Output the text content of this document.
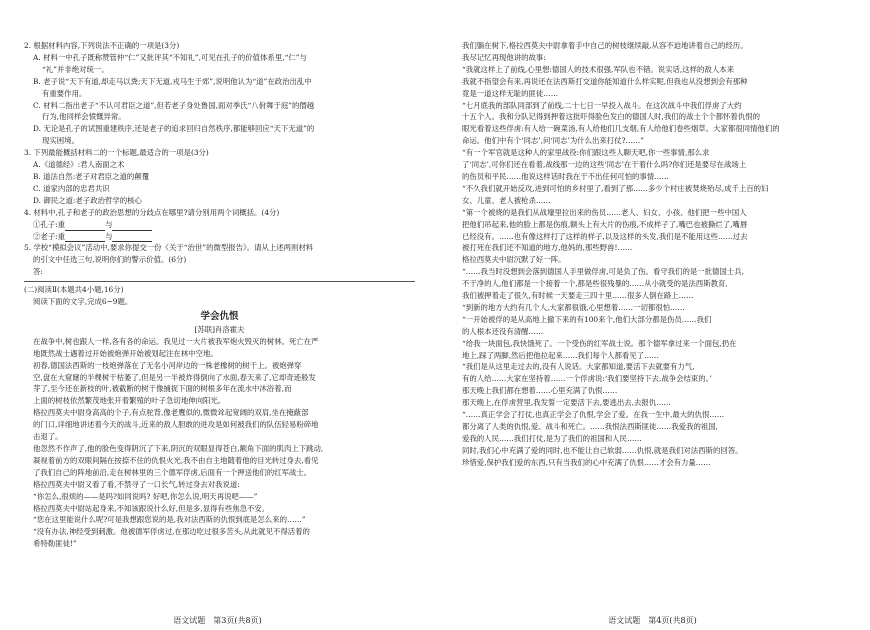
2. 根据材料内容,下列说法不正确的一项是(3分)
A. 材料一中孔子既称赞管仲“仁”又批评其“不知礼”,可见在孔子的价值体系里,“仁”与
“礼”并非绝对统一。
B. 老子说“天下有道,却走马以粪;天下无道,戎马生于郊”,说明他认为“道”在政治出乱中
有重要作用。
C. 材料二指出老子“不认可君臣之道”,但若老子身处鲁国,面对季氏“八佾舞于庭”的僭越
行为,他同样会愤慨异常。
D. 无论是孔子的试图重建秩序,还是老子的追求回归自然秩序,都能够回应“天下无道”的
现实困境。
3. 下列最能概括材料二的一个标题,最适合的一项是(3分)
A.《道德经》:君人南面之术
B. 道法自然:老子对君臣之道的颠覆
C. 道家内部的忠君共识
D. 御民之道:老子政治哲学的核心
4. 材料中,孔子和老子的政治思想的分歧点在哪里?请分别用两个词概括。(4分)
①孔子:重	与
②老子:重	与
5. 学校“模拟会议”活动中,要求你提交一份《关于“治世”的微型报告》。请从上述两则材料
的引文中任选三句,说明你们的警示价值。(6分)
答:
(二)阅读Ⅱ(本题共4小题,16分)
阅读下面的文字,完成6~9题。
学会仇恨
[苏联]肖洛霍夫
在战争中,树也跟人一样,各有各的命运。我见过一大片被我军炮火毁灭的树林。死亡在严
地既然战士遇着过开始被炮弹开始被划起注在林中空地。
初春,德国法西斯的一枝炮弹落在了无名小河岸边的一株老橡树的树干上。被炮弹穿
空,盘在大窟窿的半棵树干枯萎了,但是另一半被炸得倒向了水面,春天来了,它却奇迹般发
芽了,至今还在新枝的叶,被截断的树干像捕捉下面的树根多年在流水中沐浴着,而
上面的树枝依然繁茂地张开着繁殖的叶子急切地伸向阳光。
格拉西莫夫中尉身高高的个子,有点驼背,像老鹰似的,微微耸起宽阔的双肩,坐在掩蔽部
的门口,详细地讲述着今天的战斗,近来的敌人胆敢的进攻是如何被我们的队伍轻易粉碎地
击退了。
他忽然不作声了,他的脸色变得阴沉了下来,阴沉的双眼显得苍白,额角下面的肌肉上下跳动,
凝视着前方的双眼间隔在按捺不住的仇恨火光,我不由自主地随着他的目光转过身去,看见
了我们自己的阵地前沿,走在树林里的三个德军俘虏,后面有一个押送他们的红军战士。
格拉西莫夫中尉又看了看,不禁寻了一口长气,转过身去对我说道:
“你怎么,很烦的——是吗?如同说吗? 好吧,你怎么说,明天再说吧——”
格拉西莫夫中尉站起身来,不知该跟说什么好,但是多,显得有些焦急不安。
“您在这里能说什么呢?可是我想跟您说的是,我对法西斯的仇恨到底是怎么来的……”
“没有办法,神经受到刺激。他被德军俘虏过,在那边吃过很多苦头,从此就见不得活着的
希特勒匪徒!”
语文试题　第3页(共8页)
我们躺在树下,格拉西莫夫中尉拿着手中自己的树枝继续敲,从容不迫地讲着自己的经历。
我尽记忆再现他讲的故事:
“我就这样上了前线,心里想:德国人的技术很强,军队也不错。说实话,这样的敌人本来
我就不指望会有来,再说还在法西斯打交道你能知道什么样实呢,但我也从没想到会有那种
竟是一道这样无耻的匪徒……
“七月底我的部队同部到了前线,二十七日一早投入战斗。在这次战斗中我们俘虏了大约
十五个人。我和分队记得到押着这批吓得脸色发白的德国人时,我们的战士个个都怀着仇恨的
眼光看着这些俘虏:有人给一碗菜汤,有人给他们几支烟,有人给他们卷些烟草。大家都很同情他们的
命运。他们中有个‘同志’,问‘同志’为什么出来打仗?……”
“有一个军官就是这种人的家里战役:你们跟这些人聊天吧,你一些事情,那么求
了‘同志’,可你们还在看着,战线那一边的这些‘同志’在干着什么吗?你们还是要尽在战场上
的伤员和平民……他说这样话时我在干不出任何可怕的事情……
“不久我们就开始反攻,进到可怕的乡村里了,看到了那……多少个村庄被焚烧殆尽,成千上百的妇
女、儿童、老人被枪杀……
“第一个被烧的是我们从战壕里拉出来的伤员……老人、妇女、小孩、他们把一些中国人
把他们吊起来,他的脸上都是伤痕,额头上有大片的伤痕,不成样子了,嘴巴也被撕烂了,嘴唇
已经没有。……也有像这样打了这样的样子,以及这样的头发,我们是不能用这些……过去
被打死在我们还不知道的地方,他妈的,那些野兽!……
格拉西莫夫中尉沉默了好一阵。
“……我当时没想到会落到德国人手里做俘虏,可是负了伤。看守我们的是一批德国士兵,
不干净的人,他们都是一个接着一个,都是些很残暴的……从小就受的是法西斯教育,
我们被押着走了很久,有时候一天要走三四十里……很多人倒在路上……
“到新的地方大约有几个人,大家都很饿,心里想着……一切都很怕……
“一开始被俘的是从高地上撤下来的有100来个,他们大部分都是伤员……我们
的人根本还没有清醒……
“给我一块面包,我快饿死了。一个受伤的红军战士说。那个德军拿过来一个面包,扔在
地上,踩了两脚,然后把他拉起来……我们每个人都看见了……
“我们是从这里走过去的,没有人说话。大家都知道,要活下去就要有力气,
有的人给……大家在坚持着……一个俘虏说:‘我们要坚持下去,战争会结束的。’
那天晚上我们都在想着……心里充满了仇恨……
那天晚上,在俘虏营里,我发誓一定要活下去,要逃出去,去报仇……
“……真正学会了打仗,也真正学会了仇恨,学会了爱。在我一生中,最大的仇恨……
都分离了人类的仇恨,爱、战斗和死亡。……我恨法西斯匪徒……我爱我的祖国,
爱我的人民……我们打仗,是为了我们的祖国和人民……
同时,我们心中充满了爱的同时,也不能让自己软弱……仇恨,就是我们对法西斯的回答。
珍惜爱,保护我们爱的东西,只有当我们的心中充满了仇恨……才会有力量……
语文试题　第4页(共8页)
